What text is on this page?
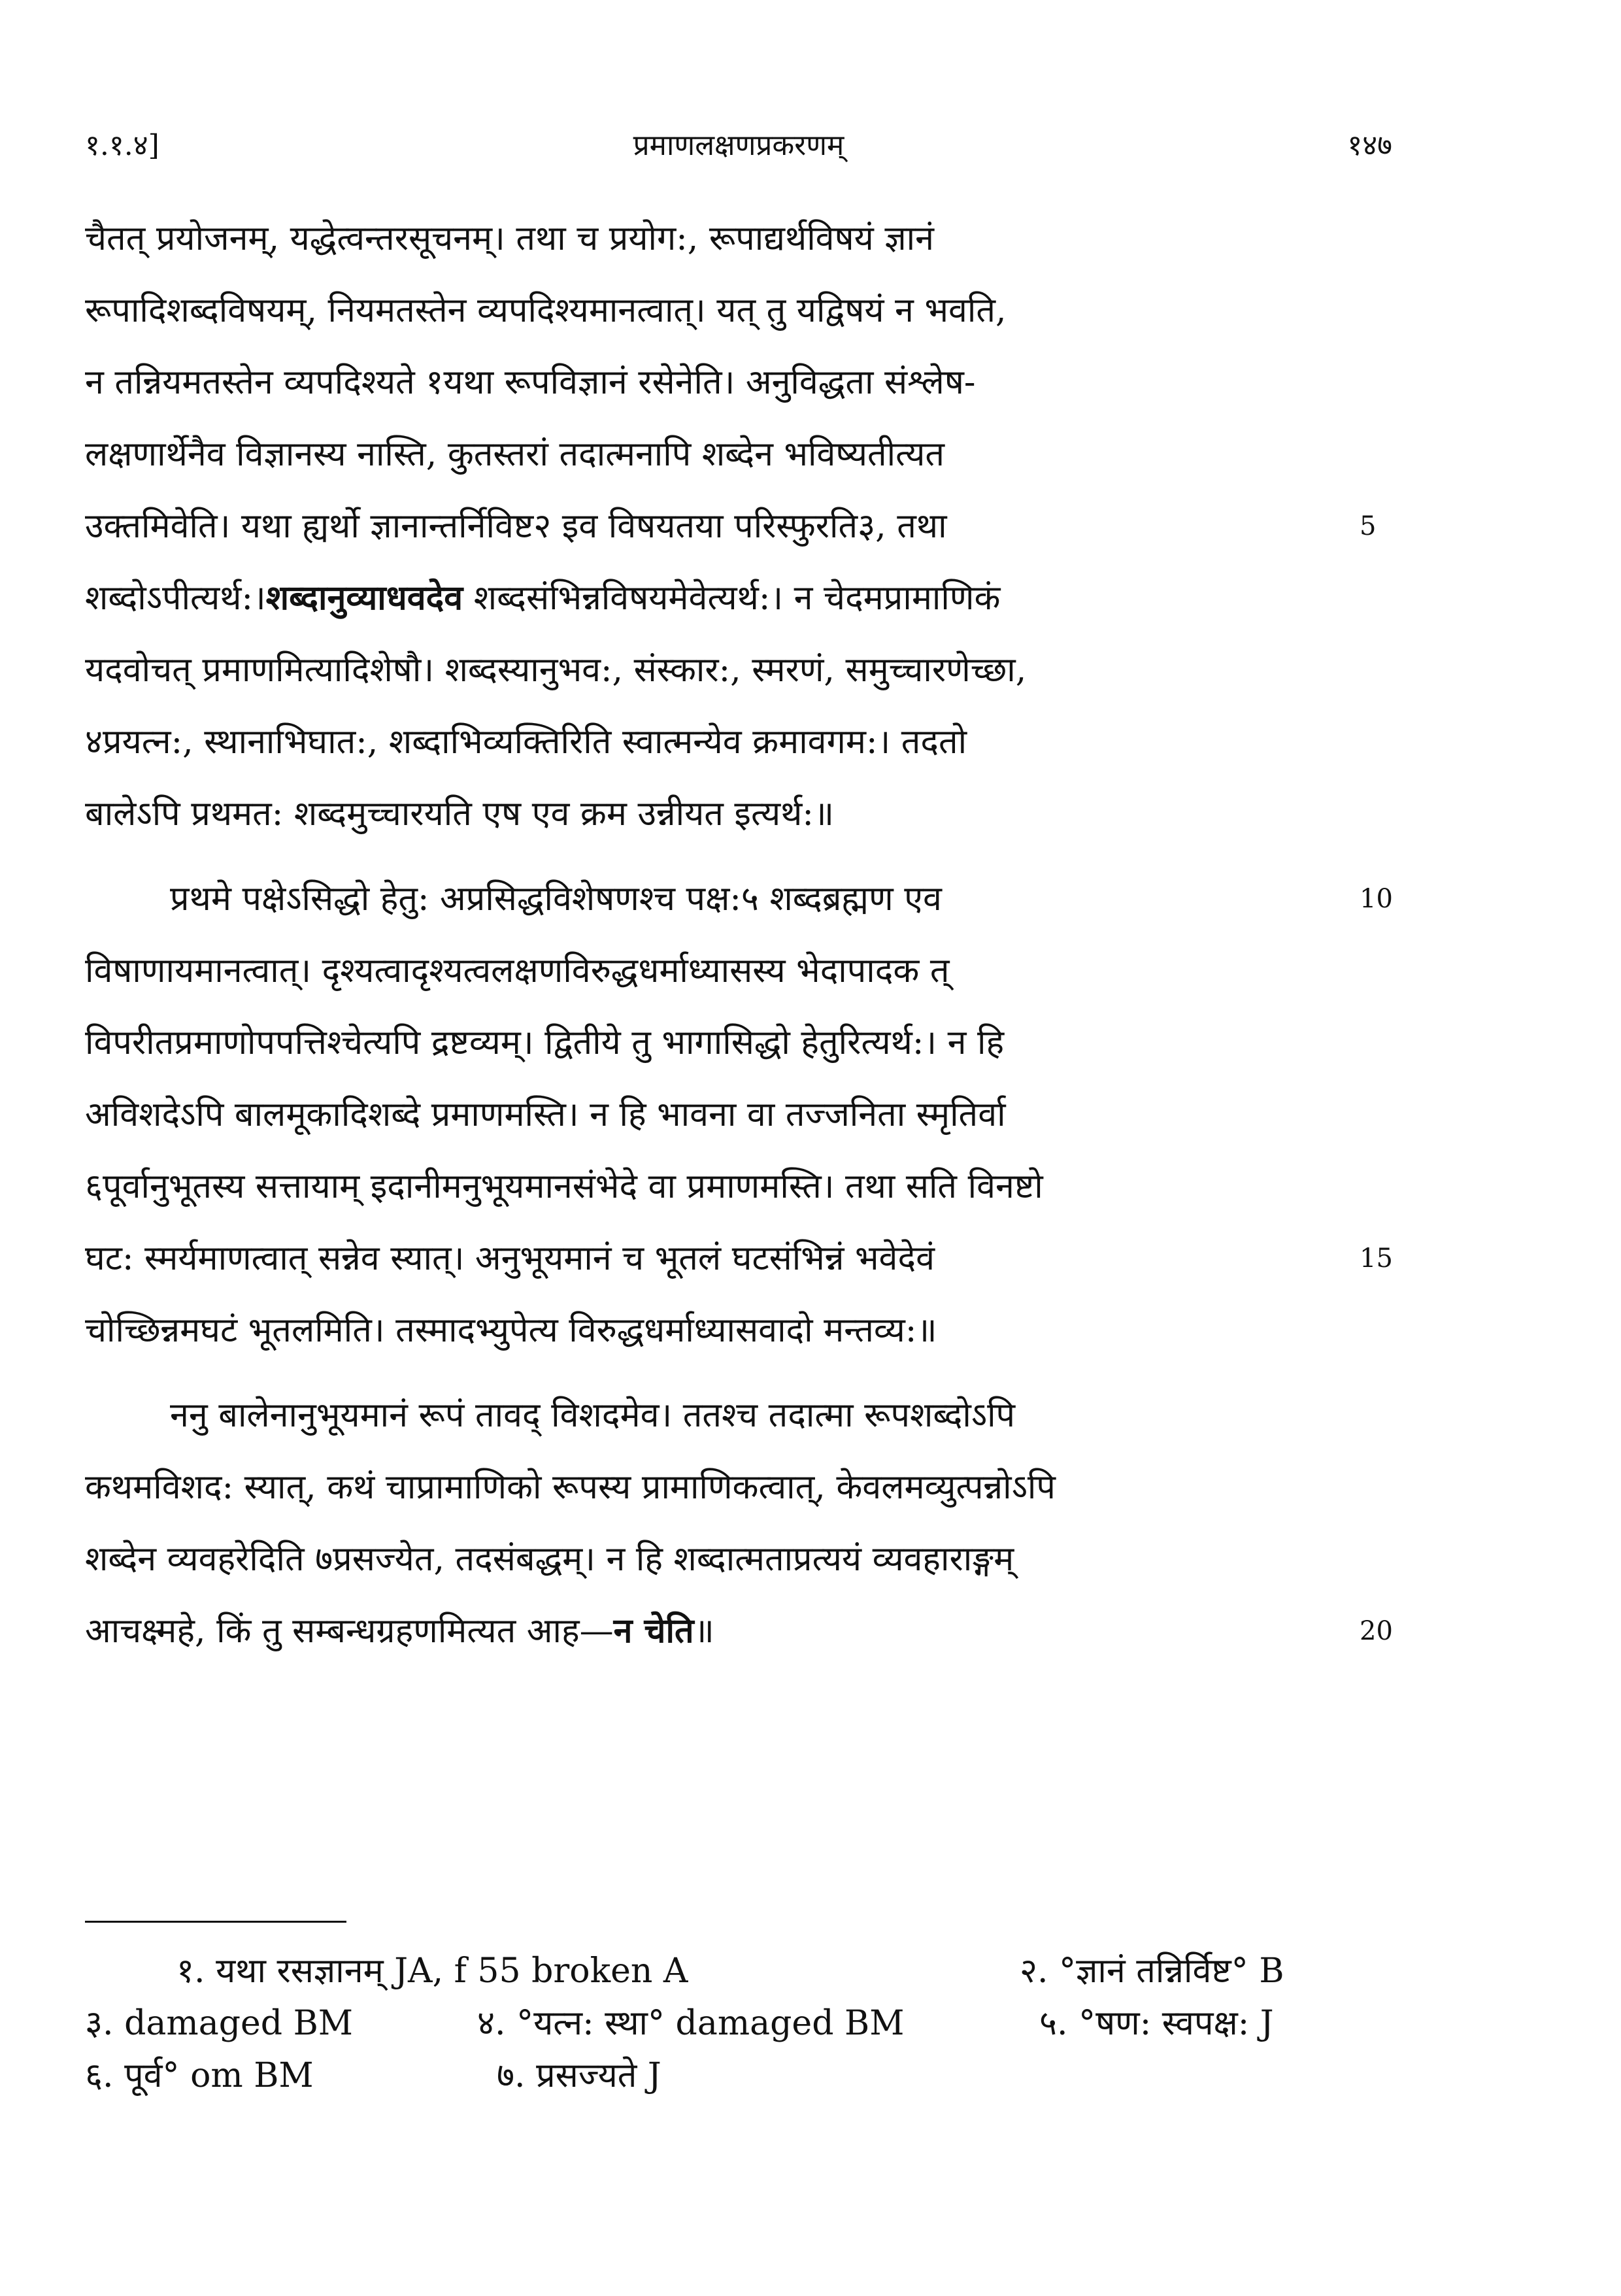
१.१.४]	प्रमाणलक्षणप्रकरणम्	१४७
चैतत् प्रयोजनम्, यद्धेत्वन्तरसूचनम्। तथा च प्रयोग:, रूपाद्यर्थविषयं ज्ञानं
रूपादिशब्दविषयम्, नियमतस्तेन व्यपदिश्यमानत्वात्। यत् तु यद्विषयं न भवति,
न तन्नियमतस्तेन व्यपदिश्यते १यथा रूपविज्ञानं रसेनेति। अनुविद्धता संश्लेष-
लक्षणार्थेनैव विज्ञानस्य नास्ति, कुतस्तरां तदात्मनापि शब्देन भविष्यतीत्यत
उक्तमिवेति। यथा ह्यर्थो ज्ञानान्तर्निविष्ट२ इव विषयतया परिस्फुरति३, तथा	5
शब्दोऽपीत्यर्थ:।शब्दानुव्याधवदेव शब्दसंभिन्नविषयमेवेत्यर्थ:। न चेदमप्रामाणिकं
यदवोचत् प्रमाणमित्यादिशेषौ। शब्दस्यानुभव:, संस्कार:, स्मरणं, समुच्चारणेच्छा,
४प्रयत्न:, स्थानाभिघात:, शब्दाभिव्यक्तिरिति स्वात्मन्येव क्रमावगम:। तदतो
बालेऽपि प्रथमत: शब्दमुच्चारयति एष एव क्रम उन्नीयत इत्यर्थ:॥
प्रथमे पक्षेऽसिद्धो हेतु: अप्रसिद्धविशेषणश्च पक्ष:५ शब्दब्रह्मण एव	10
विषाणायमानत्वात्। दृश्यत्वादृश्यत्वलक्षणविरुद्धधर्माध्यासस्य भेदापादक त्
विपरीतप्रमाणोपपत्तिश्चेत्यपि द्रष्टव्यम्। द्वितीये तु भागासिद्धो हेतुरित्यर्थ:। न हि
अविशदेऽपि बालमूकादिशब्दे प्रमाणमस्ति। न हि भावना वा तज्जनिता स्मृतिर्वा
६पूर्वानुभूतस्य सत्तायाम् इदानीमनुभूयमानसंभेदे वा प्रमाणमस्ति। तथा सति विनष्टो
घट: स्मर्यमाणत्वात् सन्नेव स्यात्। अनुभूयमानं च भूतलं घटसंभिन्नं भवेदेवं	15
चोच्छिन्नमघटं भूतलमिति। तस्मादभ्युपेत्य विरुद्धधर्माध्यासवादो मन्तव्य:॥
ननु बालेनानुभूयमानं रूपं तावद् विशदमेव। ततश्च तदात्मा रूपशब्दोऽपि
कथमविशद: स्यात्, कथं चाप्रामाणिको रूपस्य प्रामाणिकत्वात्, केवलमव्युत्पन्नोऽपि
शब्देन व्यवहरेदिति ७प्रसज्येत, तदसंबद्धम्। न हि शब्दात्मताप्रत्ययं व्यवहाराङ्गम्
आचक्ष्महे, किं तु सम्बन्धग्रहणमित्यत आह—न चेति॥	20
१. यथा रसज्ञानम् JA, f 55 broken A	२. °ज्ञानं तन्निर्विष्ट° B
३. damaged BM	४. °यत्न: स्था° damaged BM	५. °षण: स्वपक्ष: J
६. पूर्व° om BM	७. प्रसज्यते J
